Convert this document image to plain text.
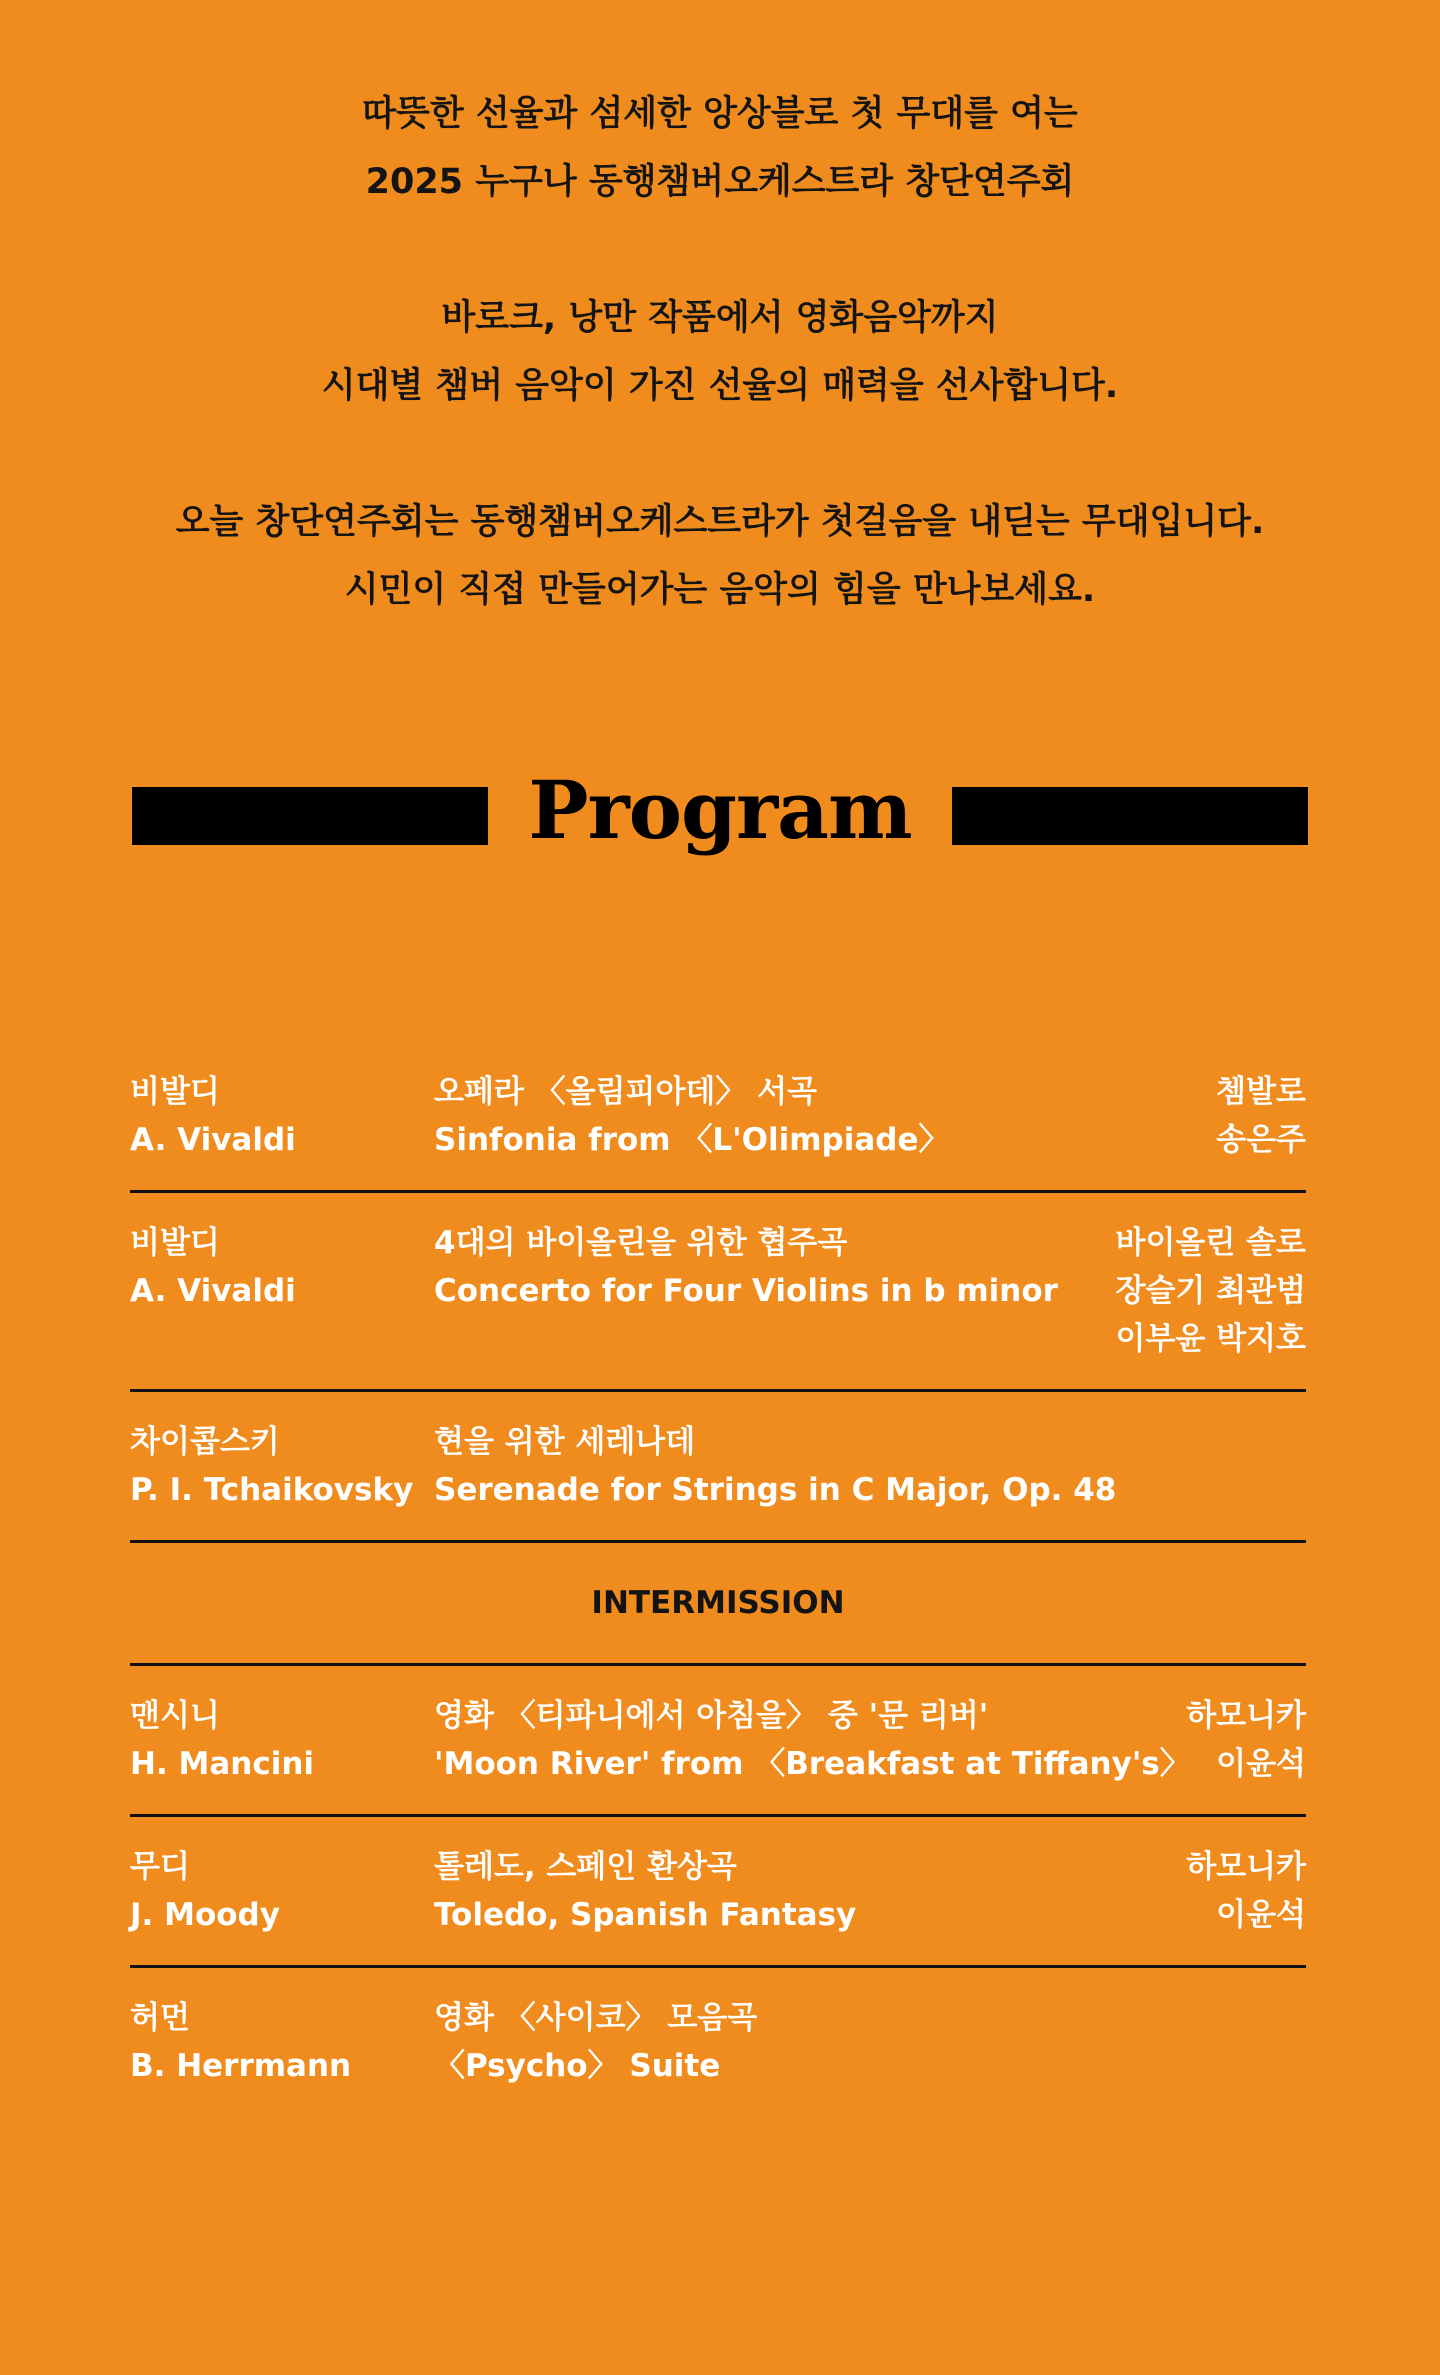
따뜻한 선율과 섬세한 앙상블로 첫 무대를 여는
2025 누구나 동행챔버오케스트라 창단연주회
바로크, 낭만 작품에서 영화음악까지
시대별 챔버 음악이 가진 선율의 매력을 선사합니다.
오늘 창단연주회는 동행챔버오케스트라가 첫걸음을 내딛는 무대입니다.
시민이 직접 만들어가는 음악의 힘을 만나보세요.
Program
비발디
A. Vivaldi
쳄발로
송은주
오페라 〈올림피아데〉 서곡
Sinfonia from 〈L'Olimpiade〉
비발디
A. Vivaldi
바이올린 솔로
장슬기 최관범
이부윤 박지호
4대의 바이올린을 위한 협주곡
Concerto for Four Violins in b minor

차이콥스키
P. I. Tchaikovsky
현을 위한 세레나데
Serenade for Strings in C Major, Op. 48
INTERMISSION
맨시니
H. Mancini
하모니카
이윤석
영화 〈티파니에서 아침을〉 중 '문 리버'
'Moon River' from 〈Breakfast at Tiffany's〉
무디
J. Moody
하모니카
이윤석
톨레도, 스페인 환상곡
Toledo, Spanish Fantasy
허먼
B. Herrmann
영화 〈사이코〉 모음곡
〈Psycho〉 Suite
